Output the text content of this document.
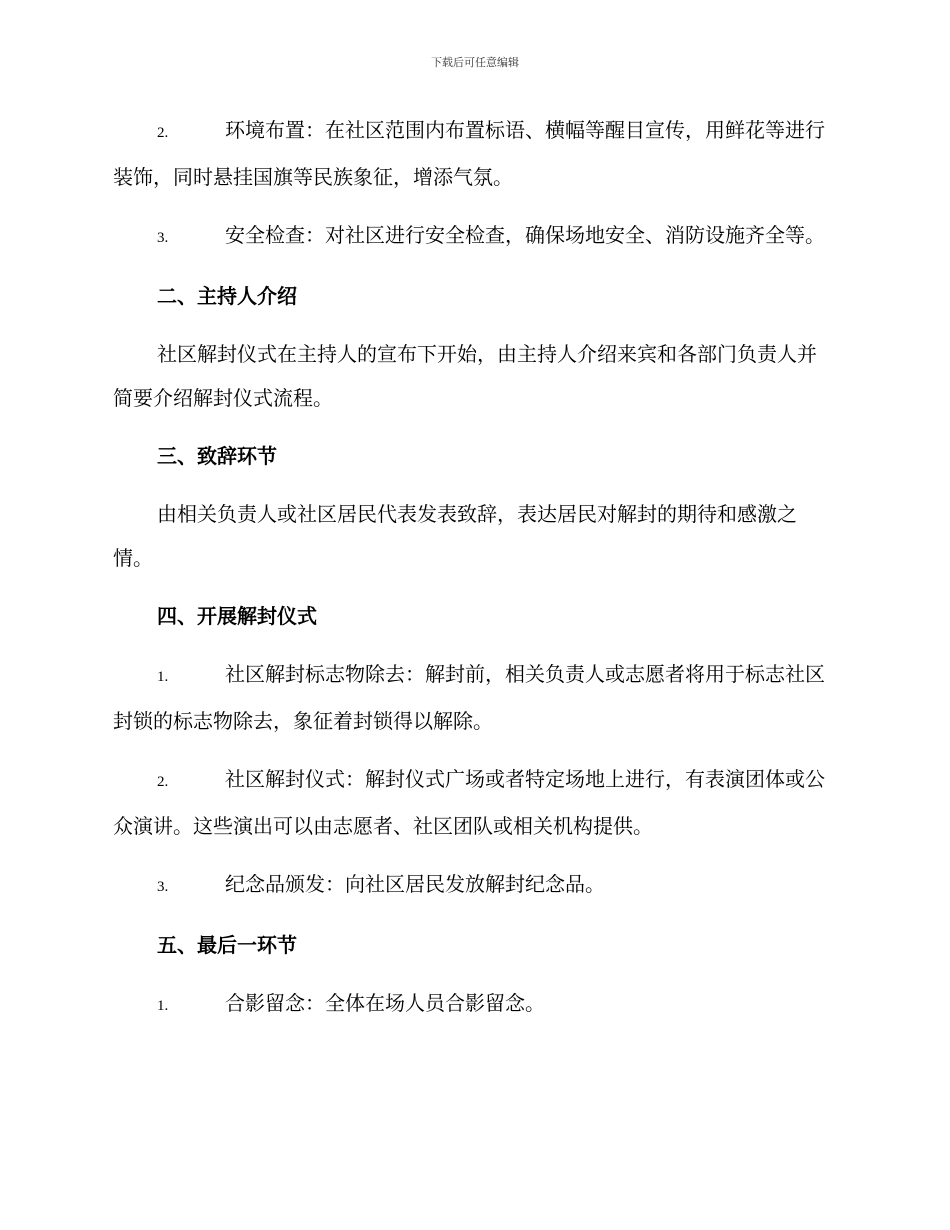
下载后可任意编辑

2.	环境布置：在社区范围内布置标语、横幅等醒目宣传，用鲜花等进行装饰，同时悬挂国旗等民族象征，增添气氛。

3.	安全检查：对社区进行安全检查，确保场地安全、消防设施齐全等。

二、主持人介绍

社区解封仪式在主持人的宣布下开始，由主持人介绍来宾和各部门负责人并简要介绍解封仪式流程。

三、致辞环节

由相关负责人或社区居民代表发表致辞，表达居民对解封的期待和感激之情。

四、开展解封仪式

1.	社区解封标志物除去：解封前，相关负责人或志愿者将用于标志社区封锁的标志物除去，象征着封锁得以解除。

2.	社区解封仪式：解封仪式广场或者特定场地上进行，有表演团体或公众演讲。这些演出可以由志愿者、社区团队或相关机构提供。

3.	纪念品颁发：向社区居民发放解封纪念品。

五、最后一环节

1.	合影留念：全体在场人员合影留念。
